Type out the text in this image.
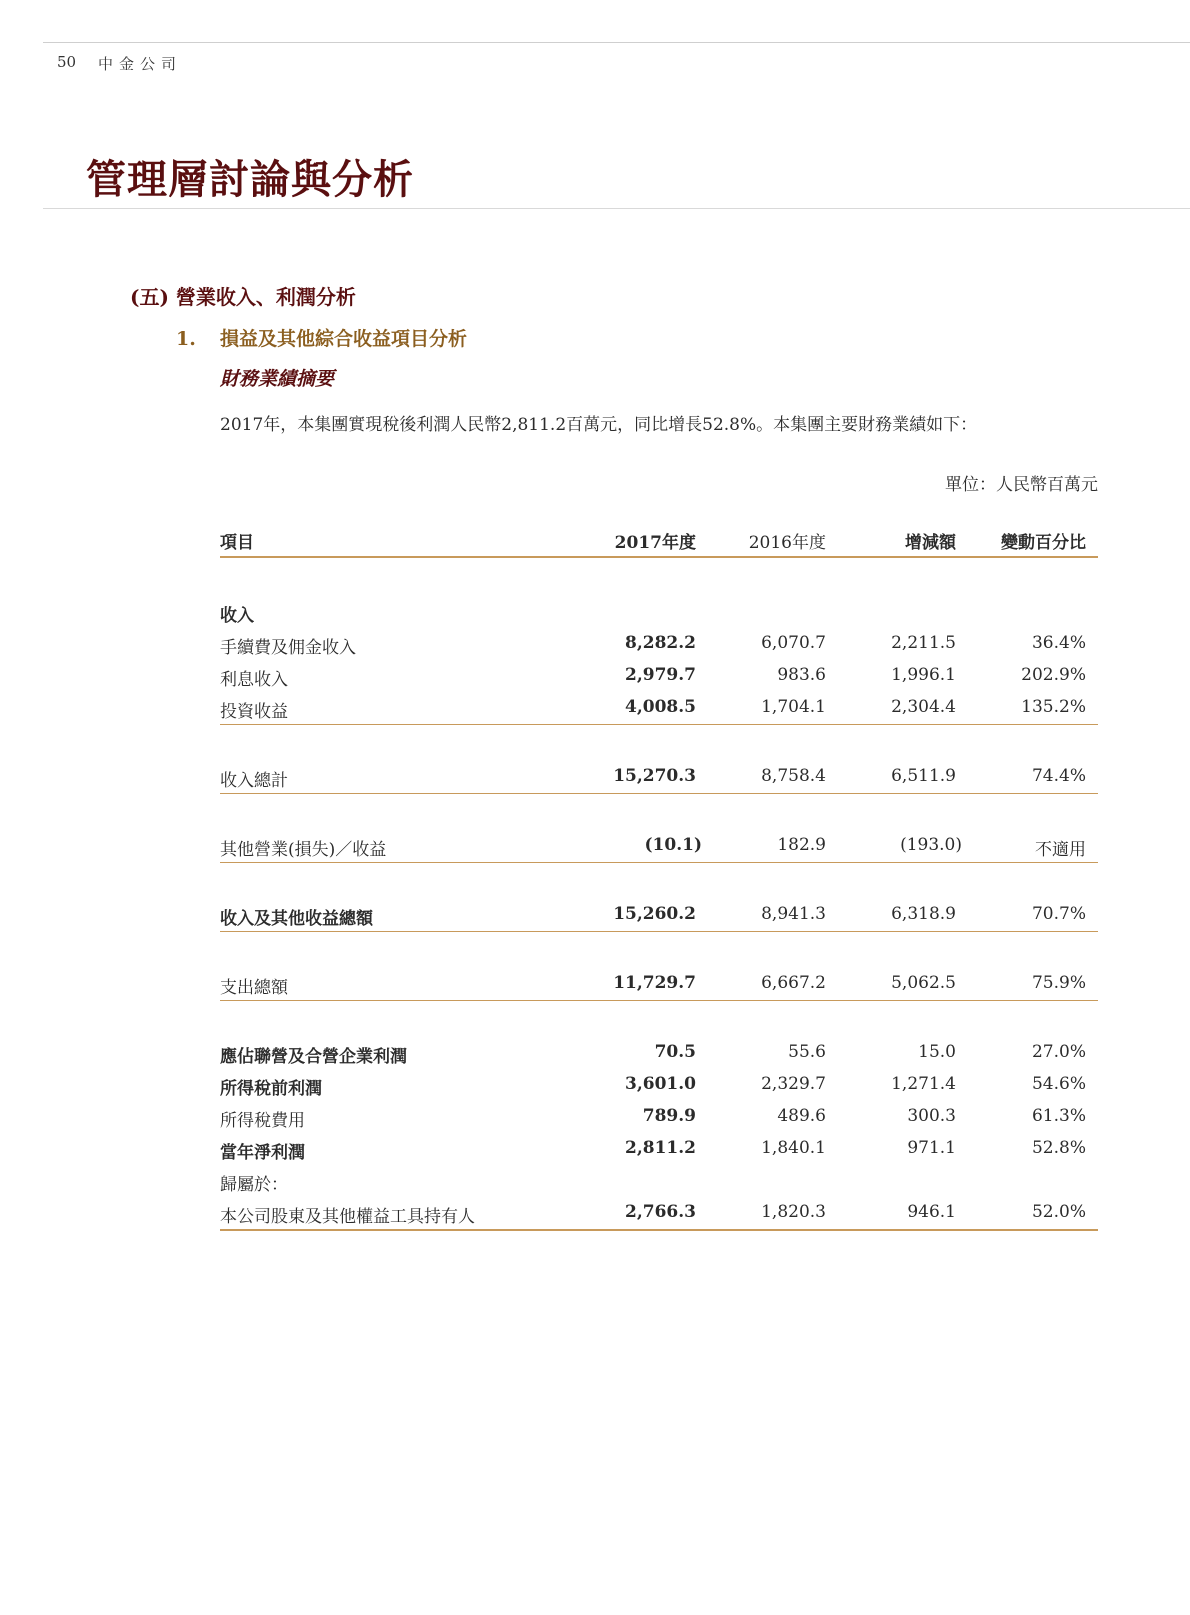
50 中金公司
管理層討論與分析
(五) 營業收入、利潤分析
1. 損益及其他綜合收益項目分析
財務業績摘要

2017年，本集團實現稅後利潤人民幣2,811.2百萬元，同比增長52.8%。本集團主要財務業績如下：

單位：人民幣百萬元

項目	2017年度	2016年度	增減額	變動百分比
收入
手續費及佣金收入	8,282.2	6,070.7	2,211.5	36.4%
利息收入	2,979.7	983.6	1,996.1	202.9%
投資收益	4,008.5	1,704.1	2,304.4	135.2%
收入總計	15,270.3	8,758.4	6,511.9	74.4%
其他營業(損失)／收益	(10.1)	182.9	(193.0)	不適用
收入及其他收益總額	15,260.2	8,941.3	6,318.9	70.7%
支出總額	11,729.7	6,667.2	5,062.5	75.9%
應佔聯營及合營企業利潤	70.5	55.6	15.0	27.0%
所得稅前利潤	3,601.0	2,329.7	1,271.4	54.6%
所得稅費用	789.9	489.6	300.3	61.3%
當年淨利潤	2,811.2	1,840.1	971.1	52.8%
歸屬於：
本公司股東及其他權益工具持有人	2,766.3	1,820.3	946.1	52.0%
